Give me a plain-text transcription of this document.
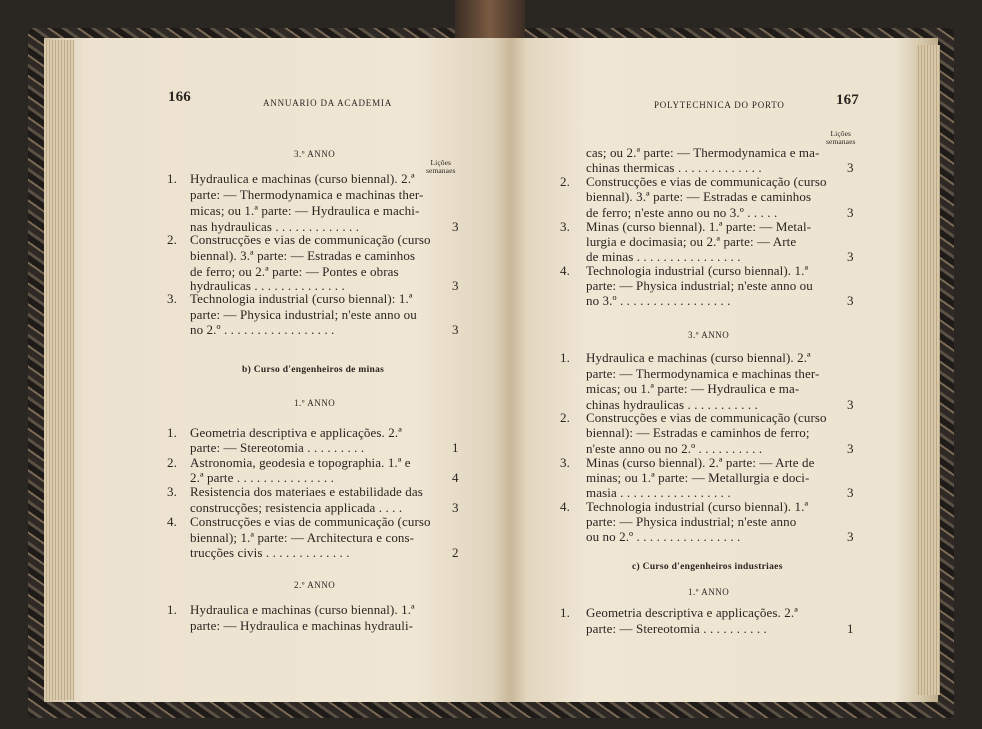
166	ANNUARIO DA ACADEMIA
3.º ANNO
Lições
semanaes
1. Hydraulica e machinas (curso biennal). 2.ª
parte: — Thermodynamica e machinas ther-
micas; ou 1.ª parte: — Hydraulica e machi-
nas hydraulicas . . . . . . . . . . . . .	3
2. Construcções e vias de communicação (curso
biennal). 3.ª parte: — Estradas e caminhos
de ferro; ou 2.ª parte: — Pontes e obras
hydraulicas . . . . . . . . . . . . . .	3
3. Technologia industrial (curso biennal): 1.ª
parte: — Physica industrial; n'este anno ou
no 2.º . . . . . . . . . . . . . . . . .	3
b) Curso d'engenheiros de minas
1.º ANNO
1. Geometria descriptiva e applicações. 2.ª
parte: — Stereotomia . . . . . . . . .	1
2. Astronomia, geodesia e topographia. 1.ª e
2.ª parte . . . . . . . . . . . . . . .	4
3. Resistencia dos materiaes e estabilidade das
construcções; resistencia applicada . . . .	3
4. Construcções e vias de communicação (curso
biennal); 1.ª parte: — Architectura e cons-
trucções civis . . . . . . . . . . . . .	2
2.º ANNO
1. Hydraulica e machinas (curso biennal). 1.ª
parte: — Hydraulica e machinas hydrauli-
POLYTECHNICA DO PORTO	167
Lições
semanaes
cas; ou 2.ª parte: — Thermodynamica e ma-
chinas thermicas . . . . . . . . . . . . .	3
2. Construcções e vias de communicação (curso
biennal). 3.ª parte: — Estradas e caminhos
de ferro; n'este anno ou no 3.º . . . . .	3
3. Minas (curso biennal). 1.ª parte: — Metal-
lurgia e docimasia; ou 2.ª parte: — Arte
de minas . . . . . . . . . . . . . . . .	3
4. Technologia industrial (curso biennal). 1.ª
parte: — Physica industrial; n'este anno ou
no 3.º . . . . . . . . . . . . . . . . .	3
3.º ANNO
1. Hydraulica e machinas (curso biennal). 2.ª
parte: — Thermodynamica e machinas ther-
micas; ou 1.ª parte: — Hydraulica e ma-
chinas hydraulicas . . . . . . . . . . .	3
2. Construcções e vias de communicação (curso
biennal): — Estradas e caminhos de ferro;
n'este anno ou no 2.º . . . . . . . . . .	3
3. Minas (curso biennal). 2.ª parte: — Arte de
minas; ou 1.ª parte: — Metallurgia e doci-
masia . . . . . . . . . . . . . . . . .	3
4. Technologia industrial (curso biennal). 1.ª
parte: — Physica industrial; n'este anno
ou no 2.º . . . . . . . . . . . . . . . .	3
c) Curso d'engenheiros industriaes
1.º ANNO
1. Geometria descriptiva e applicações. 2.ª
parte: — Stereotomia . . . . . . . . . .	1
